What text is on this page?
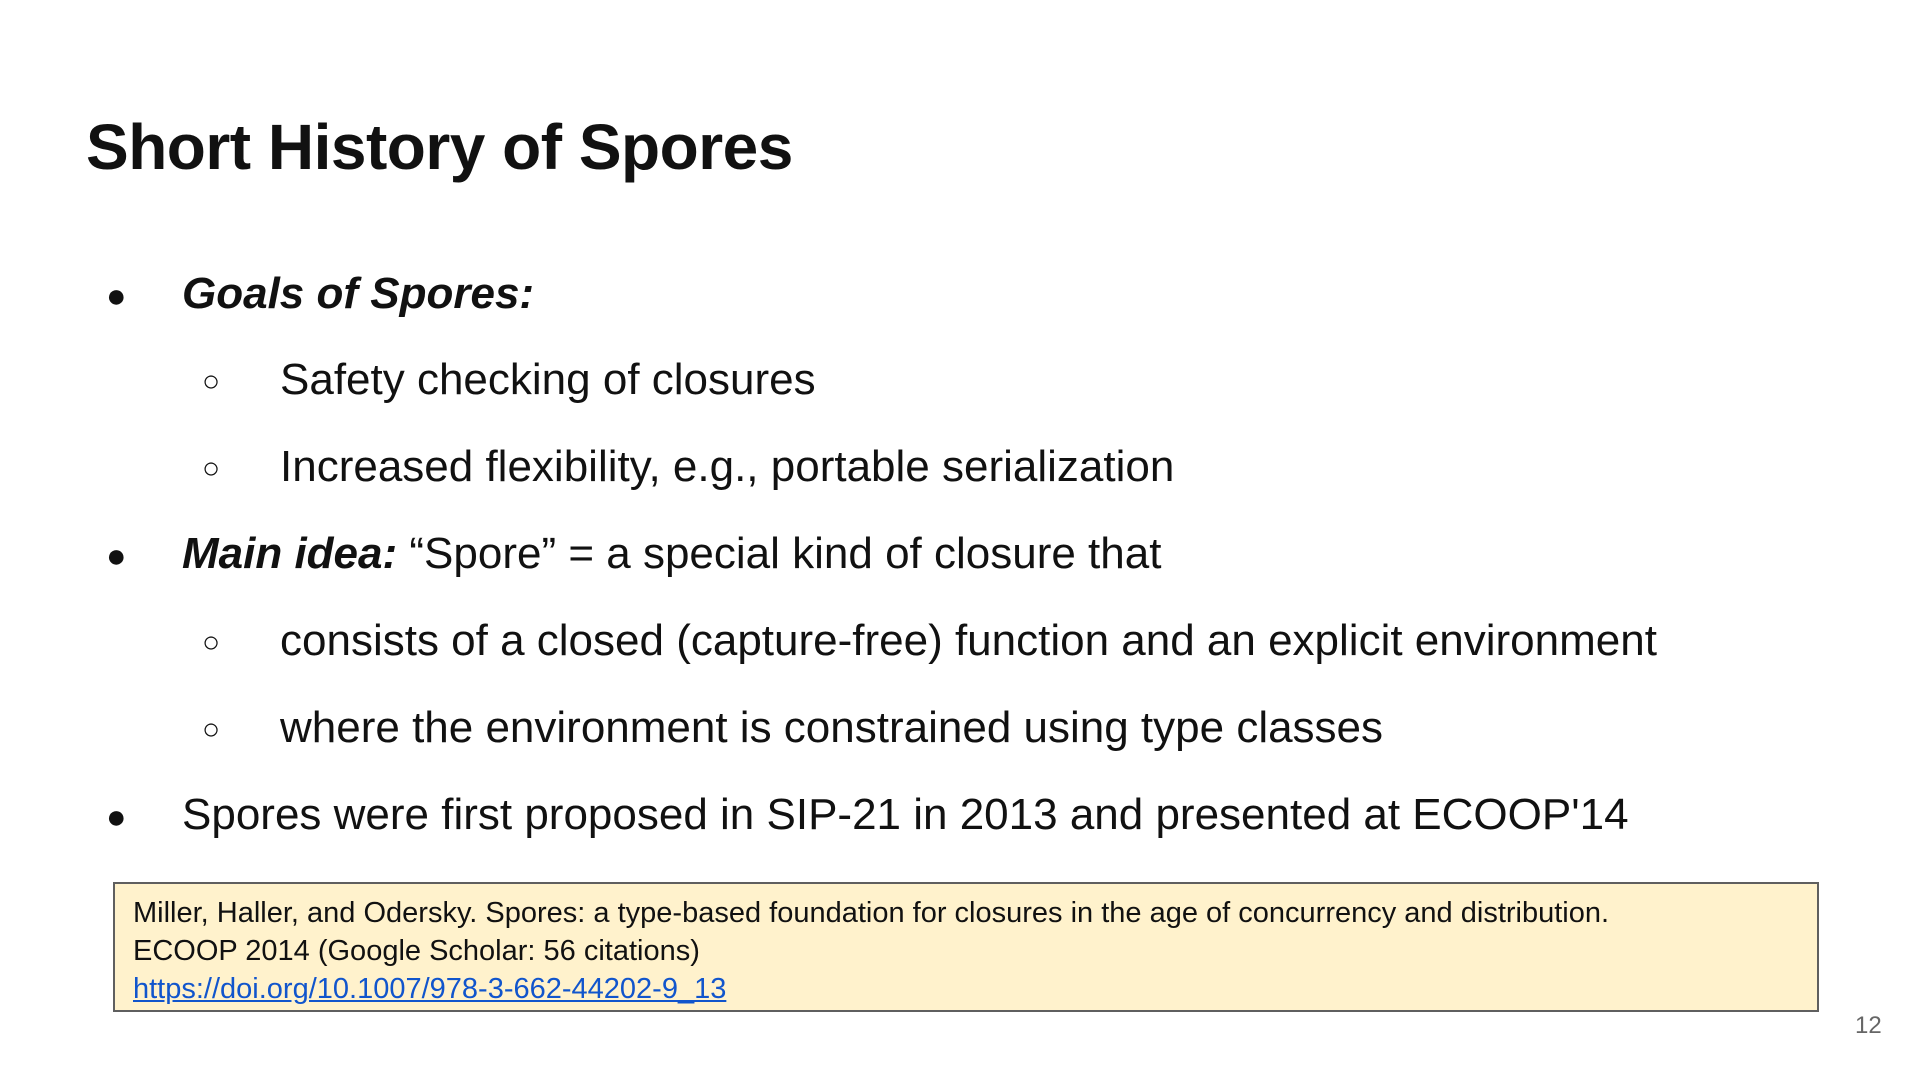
Short History of Spores
● Goals of Spores:
○ Safety checking of closures
○ Increased flexibility, e.g., portable serialization
● Main idea: “Spore” = a special kind of closure that
○ consists of a closed (capture-free) function and an explicit environment
○ where the environment is constrained using type classes
● Spores were first proposed in SIP-21 in 2013 and presented at ECOOP'14
Miller, Haller, and Odersky. Spores: a type-based foundation for closures in the age of concurrency and distribution.
ECOOP 2014 (Google Scholar: 56 citations)
https://doi.org/10.1007/978-3-662-44202-9_13
12
